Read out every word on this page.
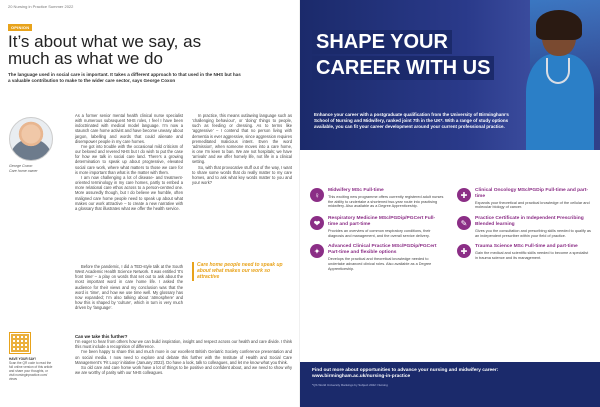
20 Nursing in Practice Summer 2022
OPINION
It’s about what we say, as much as what we do
The language used in social care is important. It takes a different approach to that used in the NHS but has a valuable contribution to make to the wider care sector, says George Coxon
George Coxon
Care home owner

As a former senior mental health clinical nurse specialist with numerous subsequent NHS roles, I feel I have been indoctrinated with medical model language. I’m now a staunch care home activist and have become uneasy about jargon, labelling and words that could alienate and disempower people in my care homes.

I’ve got into trouble with the occasional mild criticism of our beloved and revered NHS but I do wish to put the case for how we talk in social care land. There’s a growing determination to speak up about progressive, elevated social care work, where what matters to those we care for is more important than what is the matter with them.

I am now challenging a lot of disease- and treatment-oriented terminology in my care homes, partly to embed a more relational care ethos across to a person-centred one. More assuredly though, but I do believe we humble, often maligned care home people need to speak up about what makes our work attractive – to create a new narrative with a glossary that illustrates what we offer the health service.

In practice, this means outlawing language such as ‘challenging behaviour’, or ‘doing’ things to people, such as feeding or dressing. As to terms like ‘aggressive’ – I contend that no person living with dementia is ever aggressive, since aggression requires premeditated malicious intent. Even the word ‘admission’, when someone moves into a care home, is one I’m keen to ban. We are not hospitals; we have ‘arrivals’ and we offer homely life, not life in a clinical setting.

So, with that provocative stuff out of the way, I want to share some words that do really matter to my care homes, and to ask what key words matter to you and your work?

Care home people need to speak up about what makes our work so attractive

Before the pandemic, I did a TED-style talk at the South West Academic Health Science Network. It was entitled ‘It’s front time’ – a play on words that set out to ask about the most important word in care home life. I asked the audience for their views and my conclusion was that the word is ‘time’, and how we use time well. My glossary has now expanded; I’m also talking about ‘atmosphere’ and how this is shaped by ‘culture’, which in turn is very much driven by ‘language’.

Can we take this further?

I’m eager to hear from others how we can build inspiration, insight and respect across our health and care divide. I think this must include a recognition of difference.

I’ve been happy to share this and much more in our excellent British Geriatric Society conference presentation and on social media. I now need to explore and debate this further with the Institute of Health and Social Care Management’s ‘Fit Loop’ initiative (January 2022). Do have a look, talk to colleagues, and let me know what you think.

So old care and care home work have a lot of things to be positive and confident about, and we need to show why we are worthy of parity with our NHS colleagues.

HAVE YOUR SAY!
Scan the QR code to read the full online version of this article and share your thoughts, or visit nursinginpractice.com/ views
SHAPE YOUR
CAREER WITH US
Enhance your career with a postgraduate qualification from the University of Birmingham’s School of Nursing and Midwifery, ranked joint 7th in the UK*. With a range of study options available, you can fit your career development around your current professional practice.
♀	Midwifery MSc Full-time
This exciting new programme offers currently registered adult nurses the ability to undertake a shortened two-year route into practising midwifery. Also available as a Degree Apprenticeship.
✚	Clinical Oncology MSc/PGDip Full-time and part-time
Expands your theoretical and practical knowledge of the cellular and molecular biology of cancer.
❤	Respiratory Medicine MSc/PGDip/PGCert Full-time and part-time
Provides an overview of common respiratory conditions, their diagnosis and management, and the overall service delivery.
✎	Practice Certificate in Independent Prescribing Blended learning
Gives you the consultation and prescribing skills needed to qualify as an independent prescriber within your field of practice.
✦	Advanced Clinical Practice MSc/PGDip/PGCert Part-time and flexible options
Develops the practical and theoretical knowledge needed to undertake advanced clinical roles. Also available as a Degree Apprenticeship.
✚	Trauma Science MSc Full-time and part-time
Gain the medical and scientific skills needed to become a specialist in trauma science and its management.
Find out more about opportunities to advance your nursing and midwifery career:
www.birmingham.ac.uk/nursing-in-practice
*QS World University Rankings by Subject 2022: Nursing
